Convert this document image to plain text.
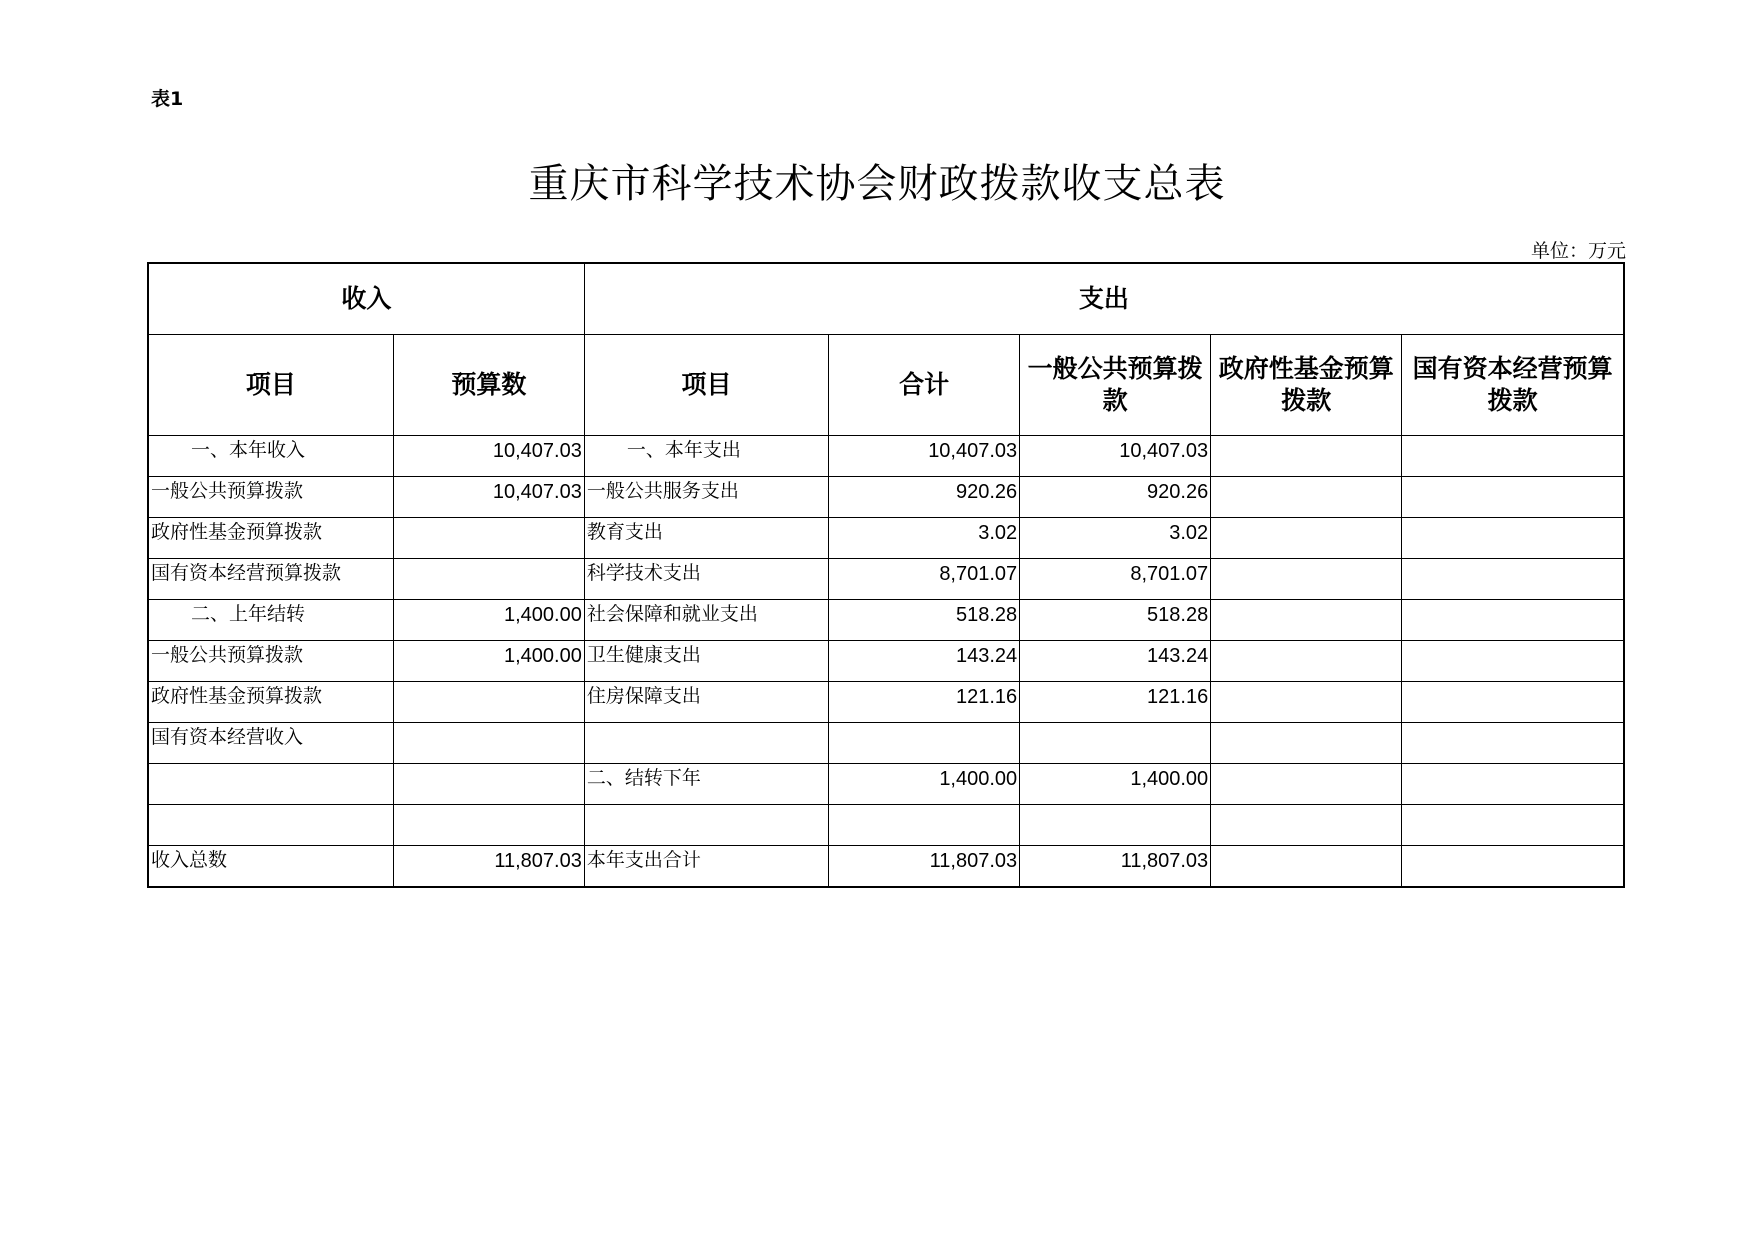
表1
重庆市科学技术协会财政拨款收支总表
单位：万元
收入		支出				
项目	预算数	项目	合计	一般公共预算拨款	政府性基金预算拨款	国有资本经营预算拨款
一、本年收入	10,407.03	一、本年支出	10,407.03	10,407.03		
一般公共预算拨款	10,407.03	一般公共服务支出	920.26	920.26		
政府性基金预算拨款		教育支出	3.02	3.02		
国有资本经营预算拨款		科学技术支出	8,701.07	8,701.07		
二、上年结转	1,400.00	社会保障和就业支出	518.28	518.28		
一般公共预算拨款	1,400.00	卫生健康支出	143.24	143.24		
政府性基金预算拨款		住房保障支出	121.16	121.16		
国有资本经营收入						
		二、结转下年	1,400.00	1,400.00		

收入总数	11,807.03	本年支出合计	11,807.03	11,807.03		
